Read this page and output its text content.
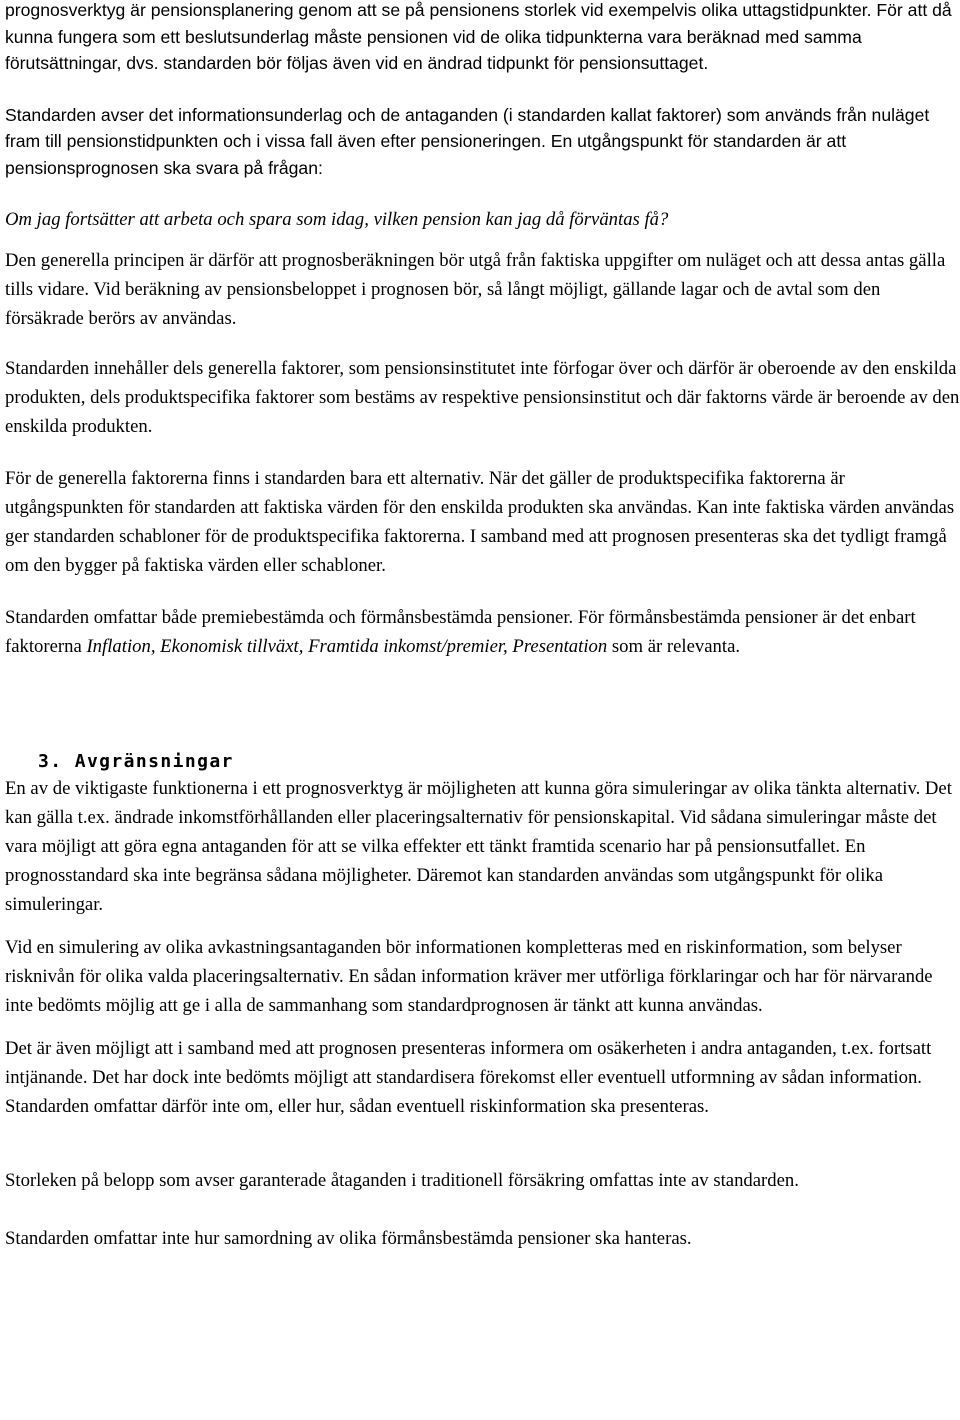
prognosverktyg är pensionsplanering genom att se på pensionens storlek vid exempelvis olika uttagstidpunkter. För att då kunna fungera som ett beslutsunderlag måste pensionen vid de olika tidpunkterna vara beräknad med samma förutsättningar, dvs. standarden bör följas även vid en ändrad tidpunkt för pensionsuttaget.

Standarden avser det informationsunderlag och de antaganden (i standarden kallat faktorer) som används från nuläget fram till pensionstidpunkten och i vissa fall även efter pensioneringen. En utgångspunkt för standarden är att pensionsprognosen ska svara på frågan:

Om jag fortsätter att arbeta och spara som idag, vilken pension kan jag då förväntas få?

Den generella principen är därför att prognosberäkningen bör utgå från faktiska uppgifter om nuläget och att dessa antas gälla tills vidare. Vid beräkning av pensionsbeloppet i prognosen bör, så långt möjligt, gällande lagar och de avtal som den försäkrade berörs av användas.

Standarden innehåller dels generella faktorer, som pensionsinstitutet inte förfogar över och därför är oberoende av den enskilda produkten, dels produktspecifika faktorer som bestäms av respektive pensionsinstitut och där faktorns värde är beroende av den enskilda produkten.

För de generella faktorerna finns i standarden bara ett alternativ. När det gäller de produktspecifika faktorerna är utgångspunkten för standarden att faktiska värden för den enskilda produkten ska användas. Kan inte faktiska värden användas ger standarden schabloner för de produktspecifika faktorerna. I samband med att prognosen presenteras ska det tydligt framgå om den bygger på faktiska värden eller schabloner.

Standarden omfattar både premiebestämda och förmånsbestämda pensioner. För förmånsbestämda pensioner är det enbart faktorerna Inflation, Ekonomisk tillväxt, Framtida inkomst/premier, Presentation som är relevanta.

3. Avgränsningar

En av de viktigaste funktionerna i ett prognosverktyg är möjligheten att kunna göra simuleringar av olika tänkta alternativ. Det kan gälla t.ex. ändrade inkomstförhållanden eller placeringsalternativ för pensionskapital. Vid sådana simuleringar måste det vara möjligt att göra egna antaganden för att se vilka effekter ett tänkt framtida scenario har på pensionsutfallet. En prognosstandard ska inte begränsa sådana möjligheter. Däremot kan standarden användas som utgångspunkt för olika simuleringar.

Vid en simulering av olika avkastningsantaganden bör informationen kompletteras med en riskinformation, som belyser risknivån för olika valda placeringsalternativ. En sådan information kräver mer utförliga förklaringar och har för närvarande inte bedömts möjlig att ge i alla de sammanhang som standardprognosen är tänkt att kunna användas.

Det är även möjligt att i samband med att prognosen presenteras informera om osäkerheten i andra antaganden, t.ex. fortsatt intjänande. Det har dock inte bedömts möjligt att standardisera förekomst eller eventuell utformning av sådan information. Standarden omfattar därför inte om, eller hur, sådan eventuell riskinformation ska presenteras.

Storleken på belopp som avser garanterade åtaganden i traditionell försäkring omfattas inte av standarden.

Standarden omfattar inte hur samordning av olika förmånsbestämda pensioner ska hanteras.
